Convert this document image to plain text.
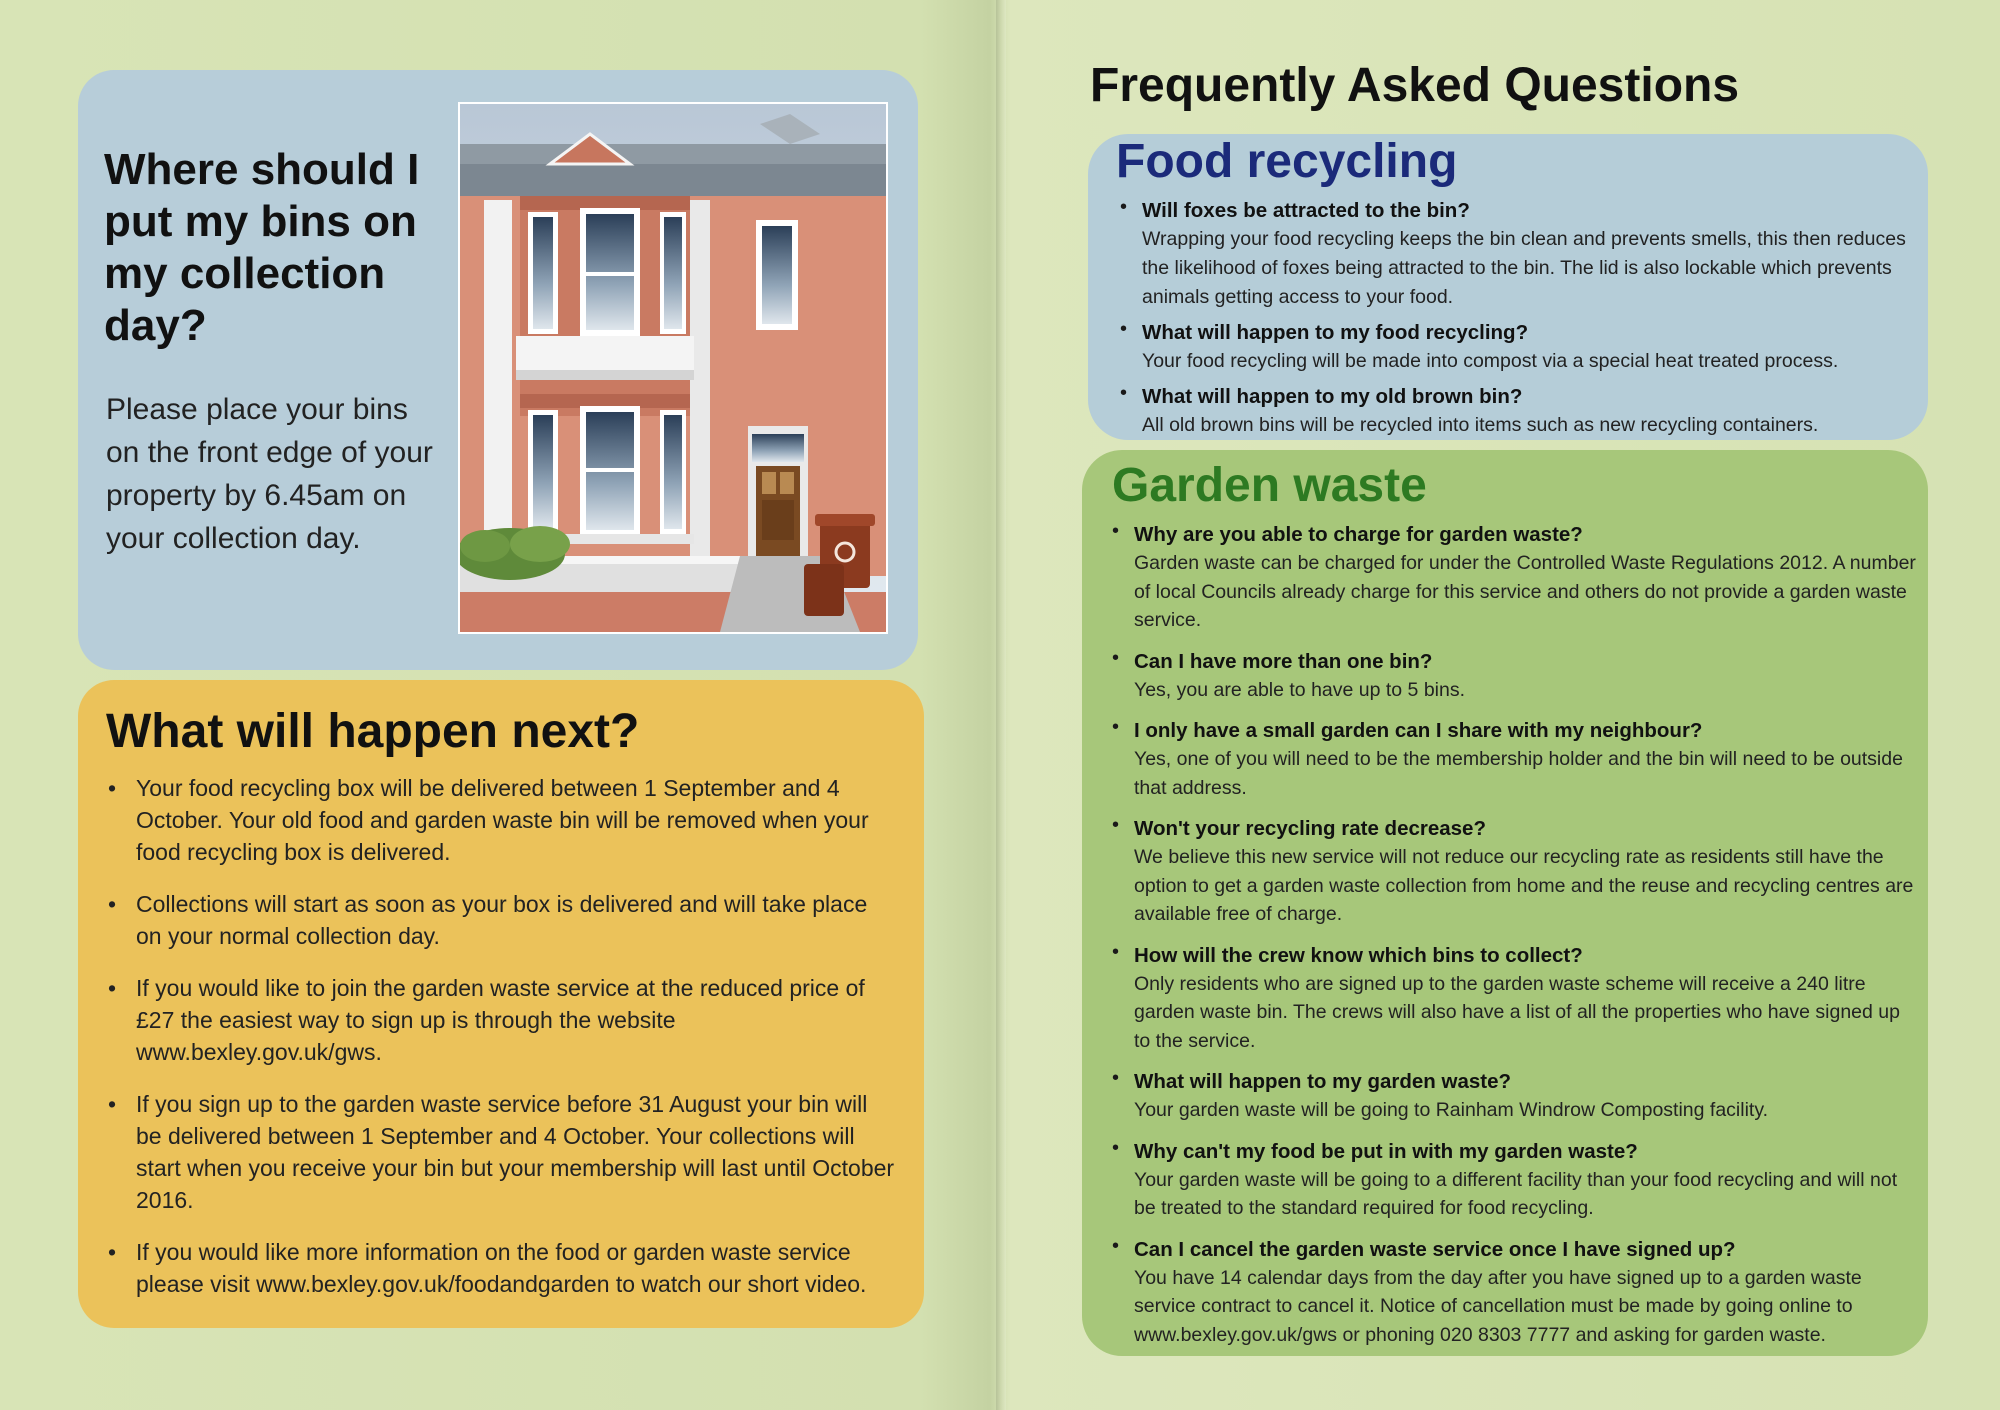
Where should I put my bins on my collection day?

Please place your bins on the front edge of your property by 6.45am on your collection day.

What will happen next?
• Your food recycling box will be delivered between 1 September and 4 October. Your old food and garden waste bin will be removed when your food recycling box is delivered.
• Collections will start as soon as your box is delivered and will take place on your normal collection day.
• If you would like to join the garden waste service at the reduced price of £27 the easiest way to sign up is through the website www.bexley.gov.uk/gws.
• If you sign up to the garden waste service before 31 August your bin will be delivered between 1 September and 4 October. Your collections will start when you receive your bin but your membership will last until October 2016.
• If you would like more information on the food or garden waste service please visit www.bexley.gov.uk/foodandgarden to watch our short video.
Frequently Asked Questions
Food recycling
• Will foxes be attracted to the bin?
Wrapping your food recycling keeps the bin clean and prevents smells, this then reduces the likelihood of foxes being attracted to the bin. The lid is also lockable which prevents animals getting access to your food.
• What will happen to my food recycling?
Your food recycling will be made into compost via a special heat treated process.
• What will happen to my old brown bin?
All old brown bins will be recycled into items such as new recycling containers.
Garden waste
• Why are you able to charge for garden waste?
Garden waste can be charged for under the Controlled Waste Regulations 2012. A number of local Councils already charge for this service and others do not provide a garden waste service.
• Can I have more than one bin?
Yes, you are able to have up to 5 bins.
• I only have a small garden can I share with my neighbour?
Yes, one of you will need to be the membership holder and the bin will need to be outside that address.
• Won't your recycling rate decrease?
We believe this new service will not reduce our recycling rate as residents still have the option to get a garden waste collection from home and the reuse and recycling centres are available free of charge.
• How will the crew know which bins to collect?
Only residents who are signed up to the garden waste scheme will receive a 240 litre garden waste bin. The crews will also have a list of all the properties who have signed up to the service.
• What will happen to my garden waste?
Your garden waste will be going to Rainham Windrow Composting facility.
• Why can't my food be put in with my garden waste?
Your garden waste will be going to a different facility than your food recycling and will not be treated to the standard required for food recycling.
• Can I cancel the garden waste service once I have signed up?
You have 14 calendar days from the day after you have signed up to a garden waste service contract to cancel it. Notice of cancellation must be made by going online to www.bexley.gov.uk/gws or phoning 020 8303 7777 and asking for garden waste.
